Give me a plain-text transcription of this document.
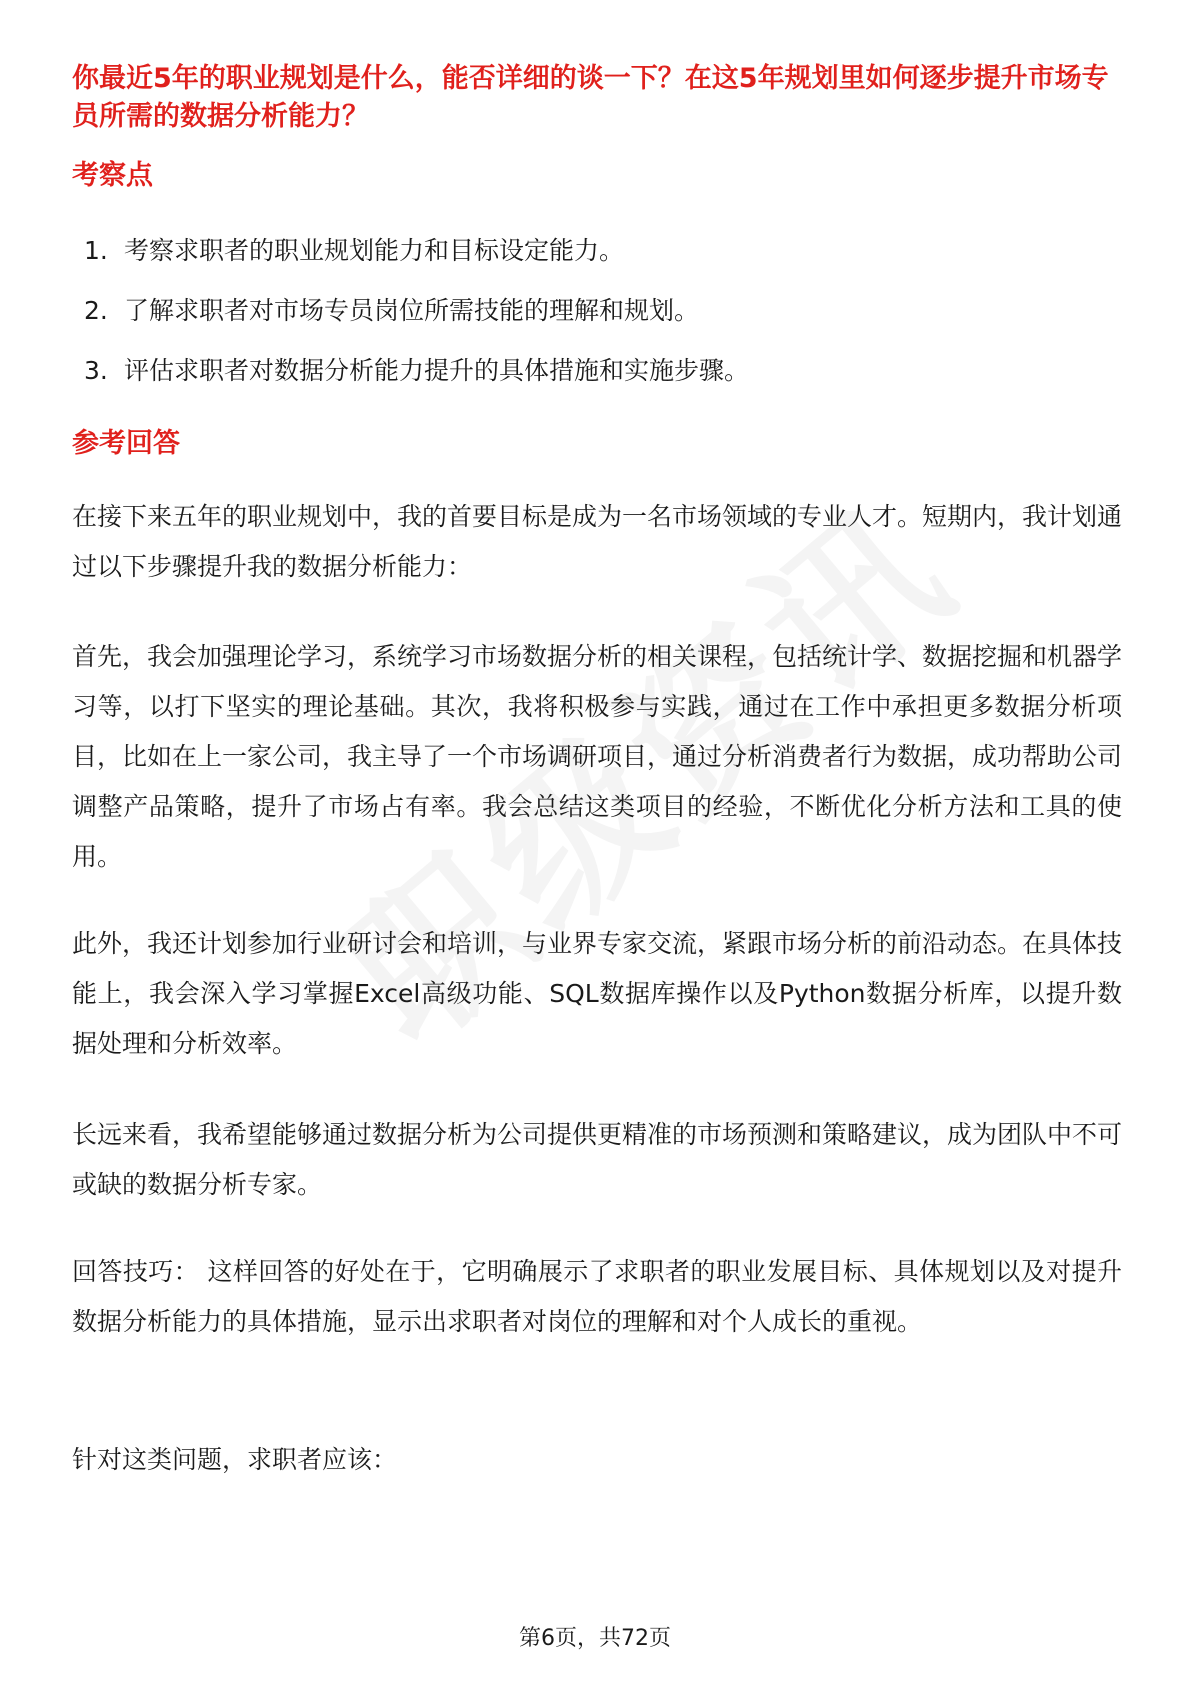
你最近5年的职业规划是什么，能否详细的谈一下？在这5年规划里如何逐步提升市场专员所需的数据分析能力？
考察点
1. 考察求职者的职业规划能力和目标设定能力。
2. 了解求职者对市场专员岗位所需技能的理解和规划。
3. 评估求职者对数据分析能力提升的具体措施和实施步骤。
参考回答

在接下来五年的职业规划中，我的首要目标是成为一名市场领域的专业人才。短期内，我计划通过以下步骤提升我的数据分析能力：

首先，我会加强理论学习，系统学习市场数据分析的相关课程，包括统计学、数据挖掘和机器学习等，以打下坚实的理论基础。其次，我将积极参与实践，通过在工作中承担更多数据分析项目，比如在上一家公司，我主导了一个市场调研项目，通过分析消费者行为数据，成功帮助公司调整产品策略，提升了市场占有率。我会总结这类项目的经验，不断优化分析方法和工具的使用。

此外，我还计划参加行业研讨会和培训，与业界专家交流，紧跟市场分析的前沿动态。在具体技能上，我会深入学习掌握Excel高级功能、SQL数据库操作以及Python数据分析库，以提升数据处理和分析效率。

长远来看，我希望能够通过数据分析为公司提供更精准的市场预测和策略建议，成为团队中不可或缺的数据分析专家。

回答技巧： 这样回答的好处在于，它明确展示了求职者的职业发展目标、具体规划以及对提升数据分析能力的具体措施，显示出求职者对岗位的理解和对个人成长的重视。

针对这类问题，求职者应该：

第6页，共72页
